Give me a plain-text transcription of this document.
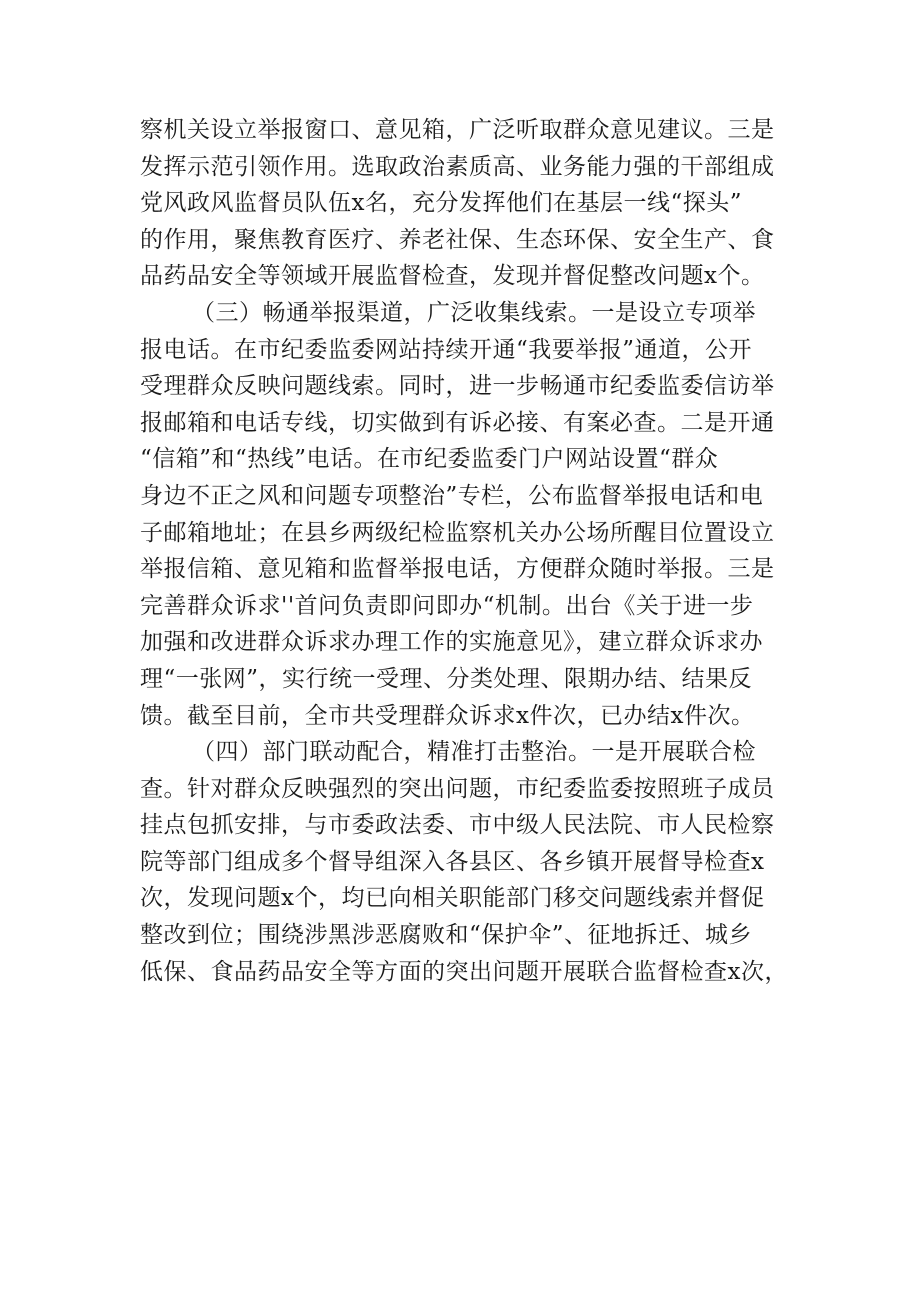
察机关设立举报窗口、意见箱，广泛听取群众意见建议。三是
发挥示范引领作用。选取政治素质高、业务能力强的干部组成
党风政风监督员队伍x名，充分发挥他们在基层一线“探头”
的作用，聚焦教育医疗、养老社保、生态环保、安全生产、食
品药品安全等领域开展监督检查，发现并督促整改问题x个。
（三）畅通举报渠道，广泛收集线索。一是设立专项举
报电话。在市纪委监委网站持续开通“我要举报”通道，公开
受理群众反映问题线索。同时，进一步畅通市纪委监委信访举
报邮箱和电话专线，切实做到有诉必接、有案必查。二是开通
“信箱”和“热线”电话。在市纪委监委门户网站设置“群众
身边不正之风和问题专项整治”专栏，公布监督举报电话和电
子邮箱地址；在县乡两级纪检监察机关办公场所醒目位置设立
举报信箱、意见箱和监督举报电话，方便群众随时举报。三是
完善群众诉求''首问负责即问即办“机制。出台《关于进一步
加强和改进群众诉求办理工作的实施意见》，建立群众诉求办
理“一张网”，实行统一受理、分类处理、限期办结、结果反
馈。截至目前，全市共受理群众诉求x件次，已办结x件次。
（四）部门联动配合，精准打击整治。一是开展联合检
查。针对群众反映强烈的突出问题，市纪委监委按照班子成员
挂点包抓安排，与市委政法委、市中级人民法院、市人民检察
院等部门组成多个督导组深入各县区、各乡镇开展督导检查x
次，发现问题x个，均已向相关职能部门移交问题线索并督促
整改到位；围绕涉黑涉恶腐败和“保护伞”、征地拆迁、城乡
低保、食品药品安全等方面的突出问题开展联合监督检查x次，
